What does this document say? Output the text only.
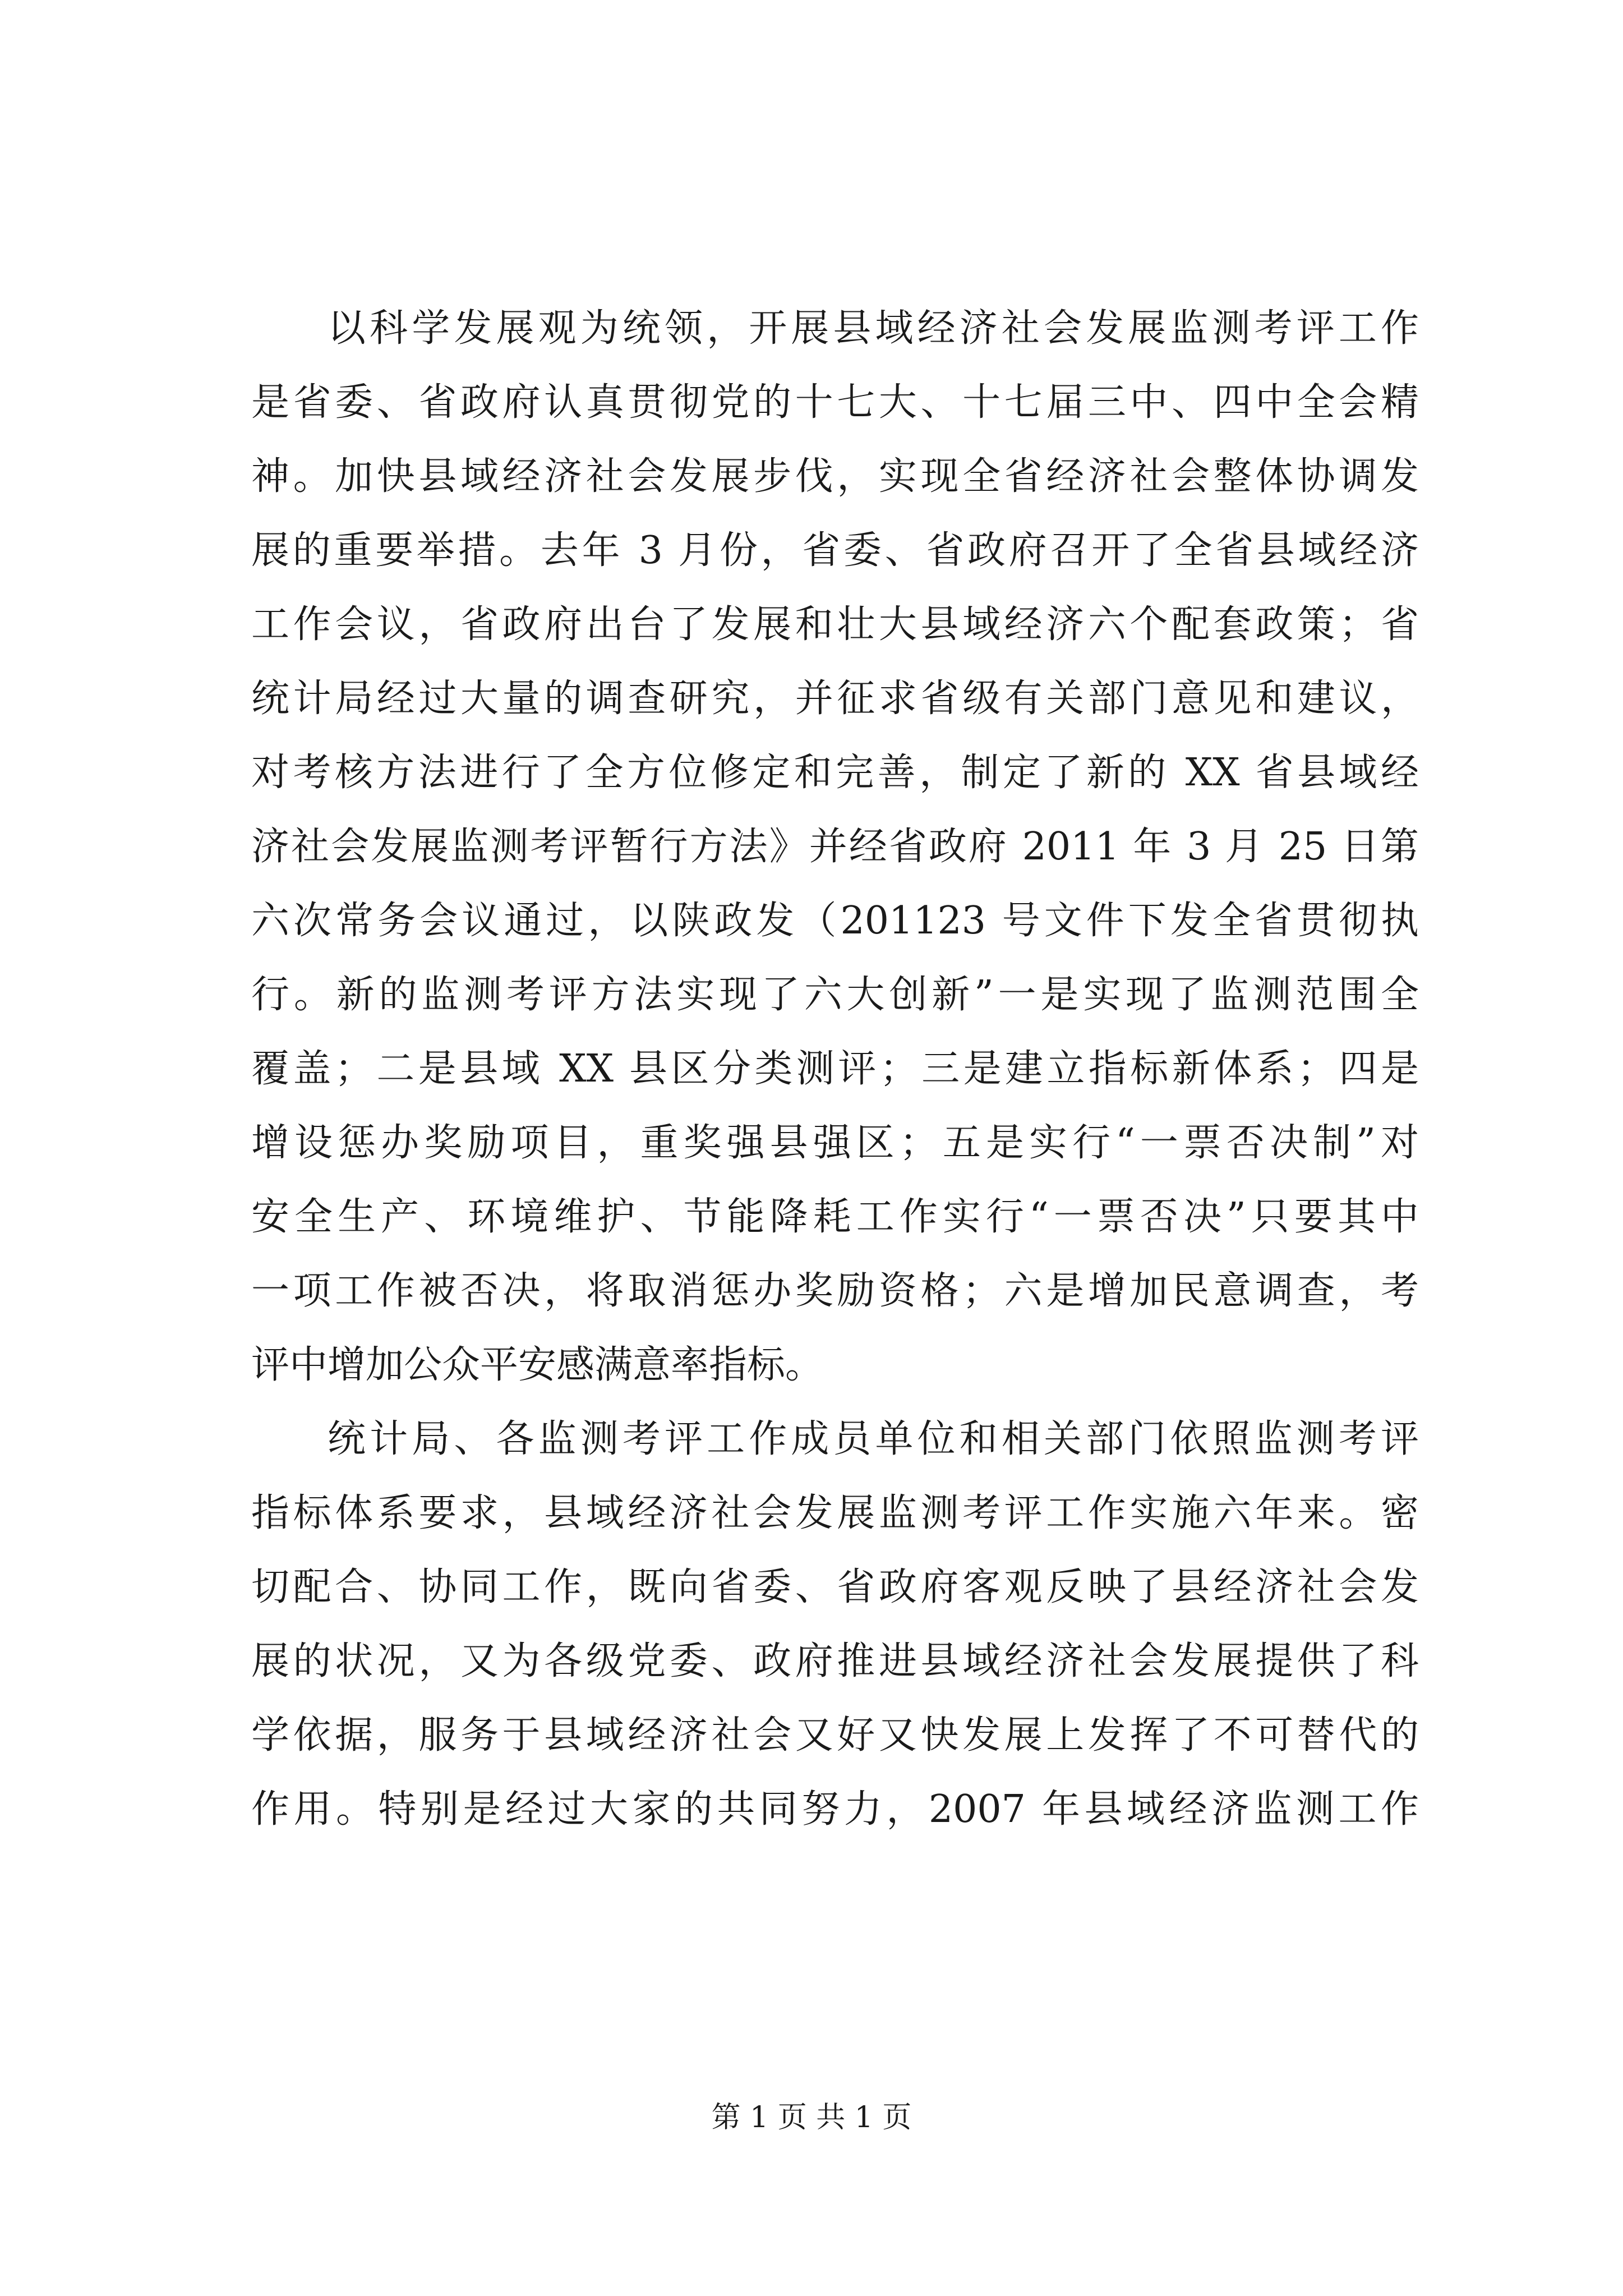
以科学发展观为统领，开展县域经济社会发展监测考评工作
是省委、省政府认真贯彻党的十七大、十七届三中、四中全会精
神。加快县域经济社会发展步伐，实现全省经济社会整体协调发
展的重要举措。去年 3 月份，省委、省政府召开了全省县域经济
工作会议，省政府出台了发展和壮大县域经济六个配套政策；省
统计局经过大量的调查研究，并征求省级有关部门意见和建议，
对考核方法进行了全方位修定和完善，制定了新的 XX 省县域经
济社会发展监测考评暂行方法》并经省政府 2011 年 3 月 25 日第
六次常务会议通过，以陕政发（201123 号文件下发全省贯彻执
行。新的监测考评方法实现了六大创新”一是实现了监测范围全
覆盖；二是县域 XX 县区分类测评；三是建立指标新体系；四是
增设惩办奖励项目，重奖强县强区；五是实行“一票否决制”对
安全生产、环境维护、节能降耗工作实行“一票否决”只要其中
一项工作被否决，将取消惩办奖励资格；六是增加民意调查，考
评中增加公众平安感满意率指标。
统计局、各监测考评工作成员单位和相关部门依照监测考评
指标体系要求，县域经济社会发展监测考评工作实施六年来。密
切配合、协同工作，既向省委、省政府客观反映了县经济社会发
展的状况，又为各级党委、政府推进县域经济社会发展提供了科
学依据，服务于县域经济社会又好又快发展上发挥了不可替代的
作用。特别是经过大家的共同努力，2007 年县域经济监测工作
第 1 页 共 1 页
